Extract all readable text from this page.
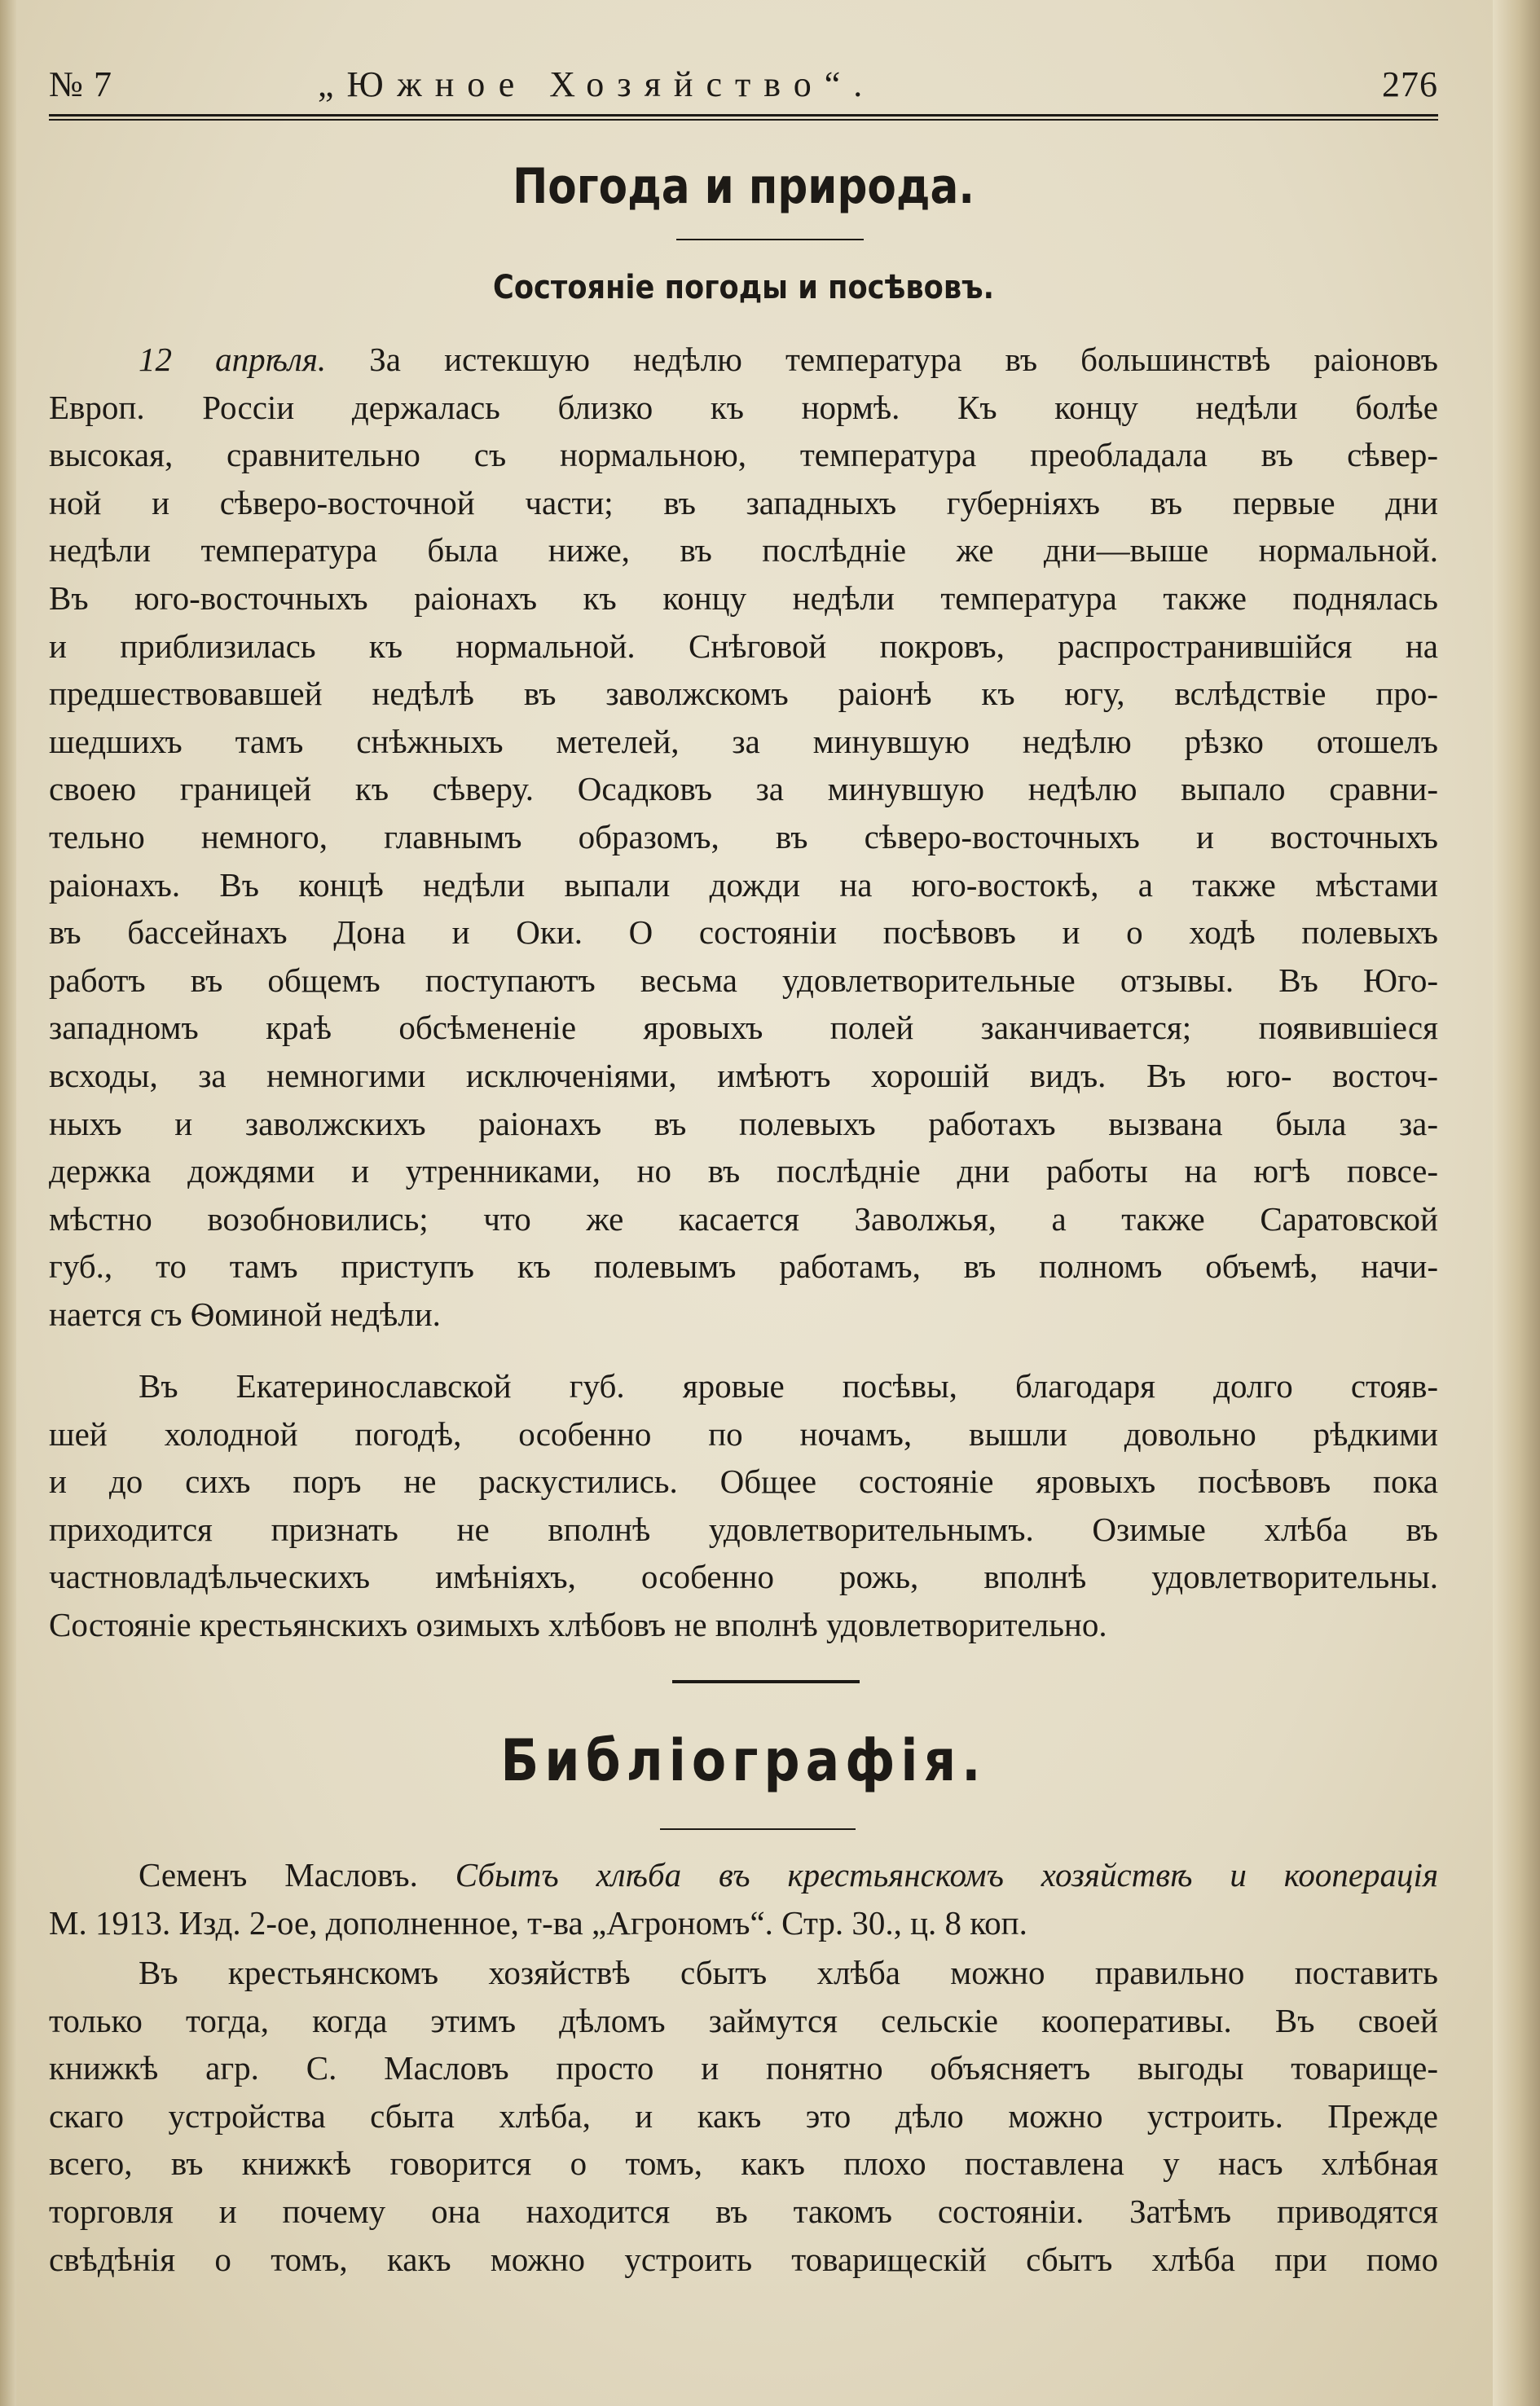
№ 7	„Южное Хозяйство“.	276
Погода и природа.
Состояніе погоды и посѣвовъ.
12 апрѣля. За истекшую недѣлю температура въ большинствѣ раіоновъ
Европ. Россіи держалась близко къ нормѣ. Къ концу недѣли болѣе
высокая, сравнительно съ нормальною, температура преобладала въ сѣвер-
ной и сѣверо-восточной части; въ западныхъ губерніяхъ въ первые дни
недѣли температура была ниже, въ послѣдніе же дни—выше нормальной.
Въ юго-восточныхъ раіонахъ къ концу недѣли температура также поднялась
и приблизилась къ нормальной. Снѣговой покровъ, распространившійся на
предшествовавшей недѣлѣ въ заволжскомъ раіонѣ къ югу, вслѣдствіе про-
шедшихъ тамъ снѣжныхъ метелей, за минувшую недѣлю рѣзко отошелъ
своею границей къ сѣверу. Осадковъ за минувшую недѣлю выпало сравни-
тельно немного, главнымъ образомъ, въ сѣверо-восточныхъ и восточныхъ
раіонахъ. Въ концѣ недѣли выпали дожди на юго-востокѣ, а также мѣстами
въ бассейнахъ Дона и Оки. О состояніи посѣвовъ и о ходѣ полевыхъ
работъ въ общемъ поступаютъ весьма удовлетворительные отзывы. Въ Юго-
западномъ краѣ обсѣмененіе яровыхъ полей заканчивается; появившіеся
всходы, за немногими исключеніями, имѣютъ хорошій видъ. Въ юго- восточ-
ныхъ и заволжскихъ раіонахъ въ полевыхъ работахъ вызвана была за-
держка дождями и утренниками, но въ послѣдніе дни работы на югѣ повсе-
мѣстно возобновились; что же касается Заволжья, а также Саратовской
губ., то тамъ приступъ къ полевымъ работамъ, въ полномъ объемѣ, начи-
нается съ Ѳоминой недѣли.
Въ Екатеринославской губ. яровые посѣвы, благодаря долго стояв-
шей холодной погодѣ, особенно по ночамъ, вышли довольно рѣдкими
и до сихъ поръ не раскустились. Общее состояніе яровыхъ посѣвовъ пока
приходится признать не вполнѣ удовлетворительнымъ. Озимые хлѣба въ
частновладѣльческихъ имѣніяхъ, особенно рожь, вполнѣ удовлетворительны.
Состояніе крестьянскихъ озимыхъ хлѣбовъ не вполнѣ удовлетворительно.
Библіографія.
Семенъ Масловъ. Сбытъ хлѣба въ крестьянскомъ хозяйствѣ и кооперація
М. 1913. Изд. 2-ое, дополненное, т-ва „Агрономъ“. Стр. 30., ц. 8 коп.
Въ крестьянскомъ хозяйствѣ сбытъ хлѣба можно правильно поставить
только тогда, когда этимъ дѣломъ займутся сельскіе кооперативы. Въ своей
книжкѣ агр. С. Масловъ просто и понятно объясняетъ выгоды товарище-
скаго устройства сбыта хлѣба, и какъ это дѣло можно устроить. Прежде
всего, въ книжкѣ говорится о томъ, какъ плохо поставлена у насъ хлѣбная
торговля и почему она находится въ такомъ состояніи. Затѣмъ приводятся
свѣдѣнія о томъ, какъ можно устроить товарищескій сбытъ хлѣба при помо
